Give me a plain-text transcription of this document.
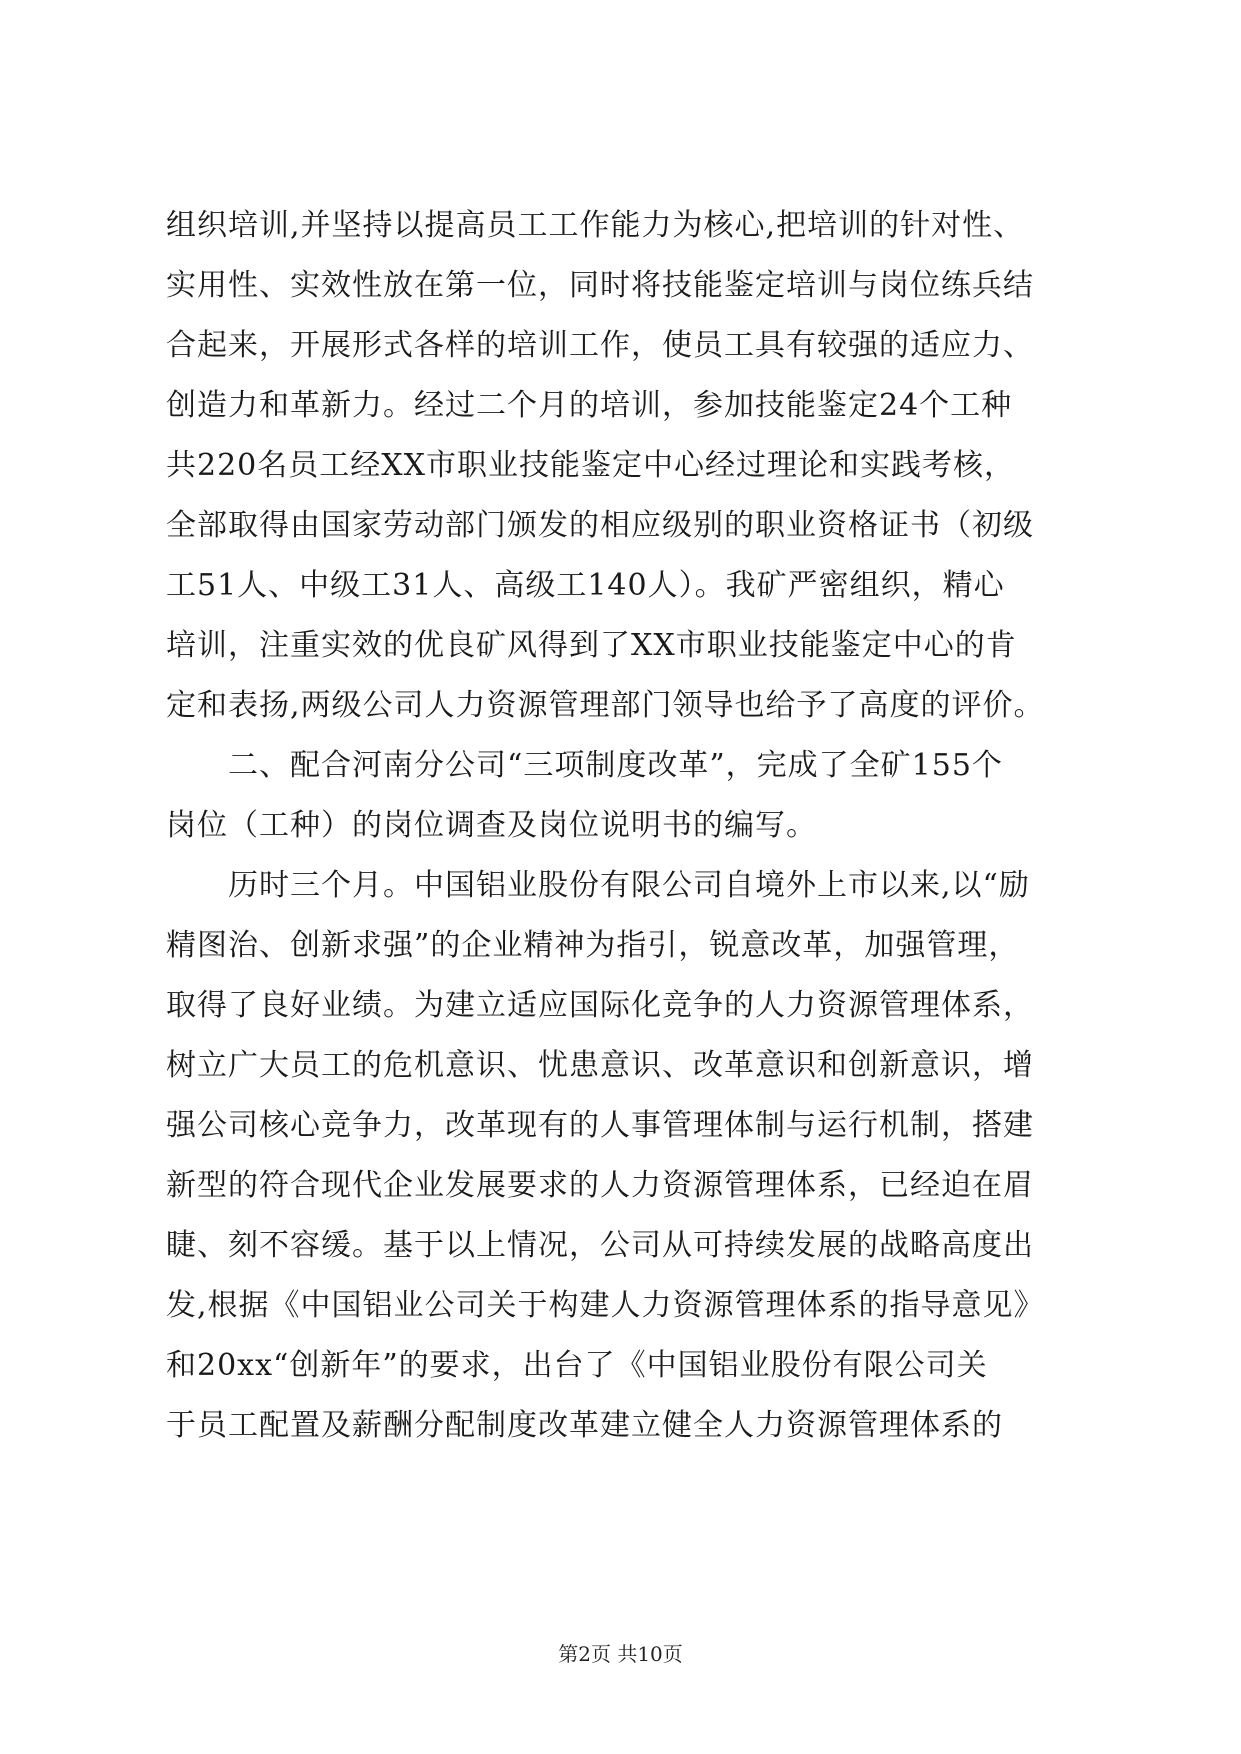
组织培训,并坚持以提高员工工作能力为核心,把培训的针对性、
实用性、实效性放在第一位，同时将技能鉴定培训与岗位练兵结
合起来，开展形式各样的培训工作，使员工具有较强的适应力、
创造力和革新力。经过二个月的培训，参加技能鉴定24个工种
共220名员工经XX市职业技能鉴定中心经过理论和实践考核，
全部取得由国家劳动部门颁发的相应级别的职业资格证书（初级
工51人、中级工31人、高级工140人）。我矿严密组织，精心
培训，注重实效的优良矿风得到了XX市职业技能鉴定中心的肯
定和表扬,两级公司人力资源管理部门领导也给予了高度的评价。
二、配合河南分公司“三项制度改革”，完成了全矿155个
岗位（工种）的岗位调查及岗位说明书的编写。
历时三个月。中国铝业股份有限公司自境外上市以来,以“励
精图治、创新求强”的企业精神为指引，锐意改革，加强管理，
取得了良好业绩。为建立适应国际化竞争的人力资源管理体系，
树立广大员工的危机意识、忧患意识、改革意识和创新意识，增
强公司核心竞争力，改革现有的人事管理体制与运行机制，搭建
新型的符合现代企业发展要求的人力资源管理体系，已经迫在眉
睫、刻不容缓。基于以上情况，公司从可持续发展的战略高度出
发,根据《中国铝业公司关于构建人力资源管理体系的指导意见》
和20xx“创新年”的要求，出台了《中国铝业股份有限公司关
于员工配置及薪酬分配制度改革建立健全人力资源管理体系的
第2页 共10页
